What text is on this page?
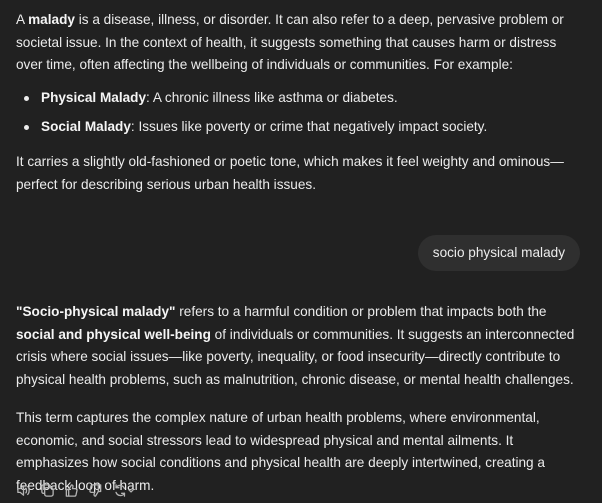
A malady is a disease, illness, or disorder. It can also refer to a deep, pervasive problem or societal issue. In the context of health, it suggests something that causes harm or distress over time, often affecting the wellbeing of individuals or communities. For example:

Physical Malady: A chronic illness like asthma or diabetes.
Social Malady: Issues like poverty or crime that negatively impact society.

It carries a slightly old-fashioned or poetic tone, which makes it feel weighty and ominous—perfect for describing serious urban health issues.

socio physical malady

"Socio-physical malady" refers to a harmful condition or problem that impacts both the social and physical well-being of individuals or communities. It suggests an interconnected crisis where social issues—like poverty, inequality, or food insecurity—directly contribute to physical health problems, such as malnutrition, chronic disease, or mental health challenges.

This term captures the complex nature of urban health problems, where environmental, economic, and social stressors lead to widespread physical and mental ailments. It emphasizes how social conditions and physical health are deeply intertwined, creating a feedback loop of harm.
